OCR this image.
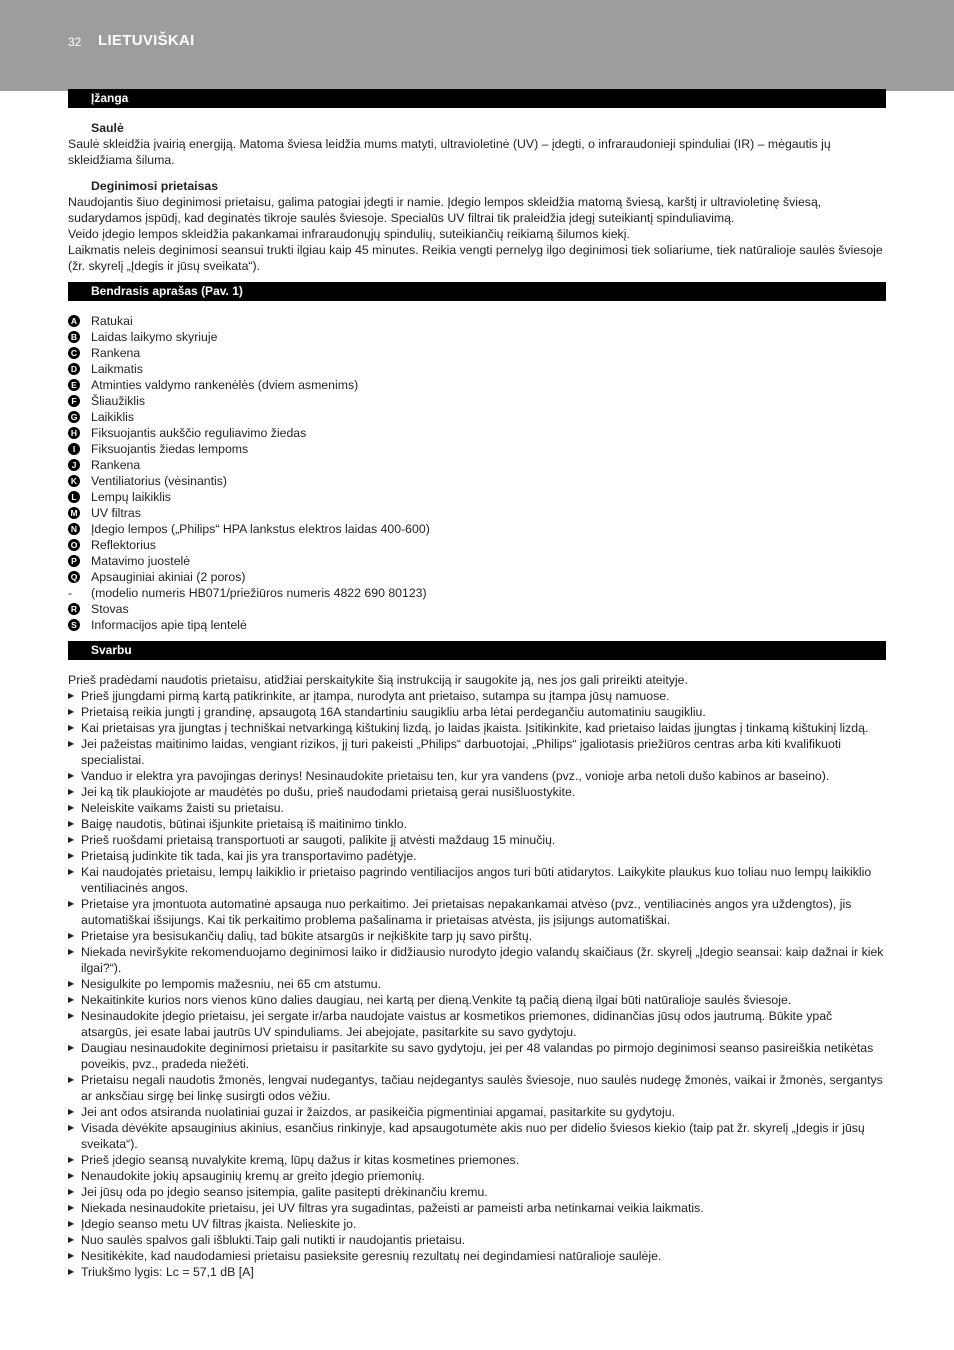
32 LIETUVIŠKAI
Įžanga
Saulė

Saulė skleidžia įvairią energiją. Matoma šviesa leidžia mums matyti, ultravioletinė (UV) – įdegti, o infraraudonieji spinduliai (IR) – mėgautis jų skleidžiama šiluma.

Deginimosi prietaisas

Naudojantis šiuo deginimosi prietaisu, galima patogiai įdegti ir namie. Įdegio lempos skleidžia matomą šviesą, karštį ir ultravioletinę šviesą, sudarydamos įspūdį, kad deginatės tikroje saulės šviesoje. Specialūs UV filtrai tik praleidžia įdegį suteikiantį spinduliavimą.

Veido įdegio lempos skleidžia pakankamai infraraudonųjų spindulių, suteikiančių reikiamą šilumos kiekį.

Laikmatis neleis deginimosi seansui trukti ilgiau kaip 45 minutes. Reikia vengti pernelyg ilgo deginimosi tiek soliariume, tiek natūralioje saulės šviesoje (žr. skyrelį „Įdegis ir jūsų sveikata“).

Bendrasis aprašas (Pav. 1)
A Ratukai
B Laidas laikymo skyriuje
C Rankena
D Laikmatis
E Atminties valdymo rankenėlės (dviem asmenims)
F Šliaužiklis
G Laikiklis
H Fiksuojantis aukščio reguliavimo žiedas
I	Fiksuojantis žiedas lempoms
J Rankena
K Ventiliatorius (vėsinantis)
L Lempų laikiklis
M UV filtras
N Įdegio lempos („Philips“ HPA lankstus elektros laidas 400-600)
O Reflektorius
P Matavimo juostelė
Q Apsauginiai akiniai (2 poros)
-	(modelio numeris HB071/priežiūros numeris 4822 690 80123)
R Stovas
S Informacijos apie tipą lentelė
Svarbu

Prieš pradėdami naudotis prietaisu, atidžiai perskaitykite šią instrukciją ir saugokite ją, nes jos gali prireikti ateityje.

▶ Prieš įjungdami pirmą kartą patikrinkite, ar įtampa, nurodyta ant prietaiso, sutampa su įtampa jūsų namuose.
▶ Prietaisą reikia jungti į grandinę, apsaugotą 16A standartiniu saugikliu arba lėtai perdegančiu automatiniu saugikliu.
▶ Kai prietaisas yra įjungtas į techniškai netvarkingą kištukinį lizdą, jo laidas įkaista. Įsitikinkite, kad prietaiso laidas įjungtas į tinkamą kištukinį lizdą.
▶ Jei pažeistas maitinimo laidas, vengiant rizikos, jį turi pakeisti „Philips“ darbuotojai, „Philips“ įgaliotasis priežiūros centras arba kiti kvalifikuoti specialistai.
▶ Vanduo ir elektra yra pavojingas derinys! Nesinaudokite prietaisu ten, kur yra vandens (pvz., vonioje arba netoli dušo kabinos ar baseino).
▶ Jei ką tik plaukiojote ar maudėtės po dušu, prieš naudodami prietaisą gerai nusišluostykite.
▶ Neleiskite vaikams žaisti su prietaisu.
▶ Baigę naudotis, būtinai išjunkite prietaisą iš maitinimo tinklo.
▶ Prieš ruošdami prietaisą transportuoti ar saugoti, palikite jį atvėsti maždaug 15 minučių.
▶ Prietaisą judinkite tik tada, kai jis yra transportavimo padėtyje.
▶ Kai naudojatės prietaisu, lempų laikiklio ir prietaiso pagrindo ventiliacijos angos turi būti atidarytos. Laikykite plaukus kuo toliau nuo lempų laikiklio ventiliacinės angos.
▶ Prietaise yra įmontuota automatinė apsauga nuo perkaitimo. Jei prietaisas nepakankamai atvėso (pvz., ventiliacinės angos yra uždengtos), jis automatiškai išsijungs. Kai tik perkaitimo problema pašalinama ir prietaisas atvėsta, jis įsijungs automatiškai.
▶ Prietaise yra besisukančių dalių, tad būkite atsargūs ir neįkiškite tarp jų savo pirštų.
▶ Niekada neviršykite rekomenduojamo deginimosi laiko ir didžiausio nurodyto įdegio valandų skaičiaus (žr. skyrelį „Įdegio seansai: kaip dažnai ir kiek ilgai?“).
▶ Nesigulkite po lempomis mažesniu, nei 65 cm atstumu.
▶ Nekaitinkite kurios nors vienos kūno dalies daugiau, nei kartą per dieną.Venkite tą pačią dieną ilgai būti natūralioje saulės šviesoje.
▶ Nesinaudokite įdegio prietaisu, jei sergate ir/arba naudojate vaistus ar kosmetikos priemones, didinančias jūsų odos jautrumą. Būkite ypač atsargūs, jei esate labai jautrūs UV spinduliams. Jei abejojate, pasitarkite su savo gydytoju.
▶ Daugiau nesinaudokite deginimosi prietaisu ir pasitarkite su savo gydytoju, jei per 48 valandas po pirmojo deginimosi seanso pasireiškia netikėtas poveikis, pvz., pradeda niežėti.
▶ Prietaisu negali naudotis žmonės, lengvai nudegantys, tačiau neįdegantys saulės šviesoje, nuo saulės nudegę žmonės, vaikai ir žmonės, sergantys ar anksčiau sirgę bei linkę susirgti odos vėžiu.
▶ Jei ant odos atsiranda nuolatiniai guzai ir žaizdos, ar pasikeičia pigmentiniai apgamai, pasitarkite su gydytoju.
▶ Visada dėvėkite apsauginius akinius, esančius rinkinyje, kad apsaugotumėte akis nuo per didelio šviesos kiekio (taip pat žr. skyrelį „Įdegis ir jūsų sveikata“).
▶ Prieš įdegio seansą nuvalykite kremą, lūpų dažus ir kitas kosmetines priemones.
▶ Nenaudokite jokių apsauginių kremų ar greito įdegio priemonių.
▶ Jei jūsų oda po įdegio seanso įsitempia, galite pasitepti drėkinančiu kremu.
▶ Niekada nesinaudokite prietaisu, jei UV filtras yra sugadintas, pažeisti ar pameisti arba netinkamai veikia laikmatis.
▶ Įdegio seanso metu UV filtras įkaista. Nelieskite jo.
▶ Nuo saulės spalvos gali išblukti.Taip gali nutikti ir naudojantis prietaisu.
▶ Nesitikėkite, kad naudodamiesi prietaisu pasieksite geresnių rezultatų nei degindamiesi natūralioje saulėje.
▶ Triukšmo lygis: Lc = 57,1 dB [A]
